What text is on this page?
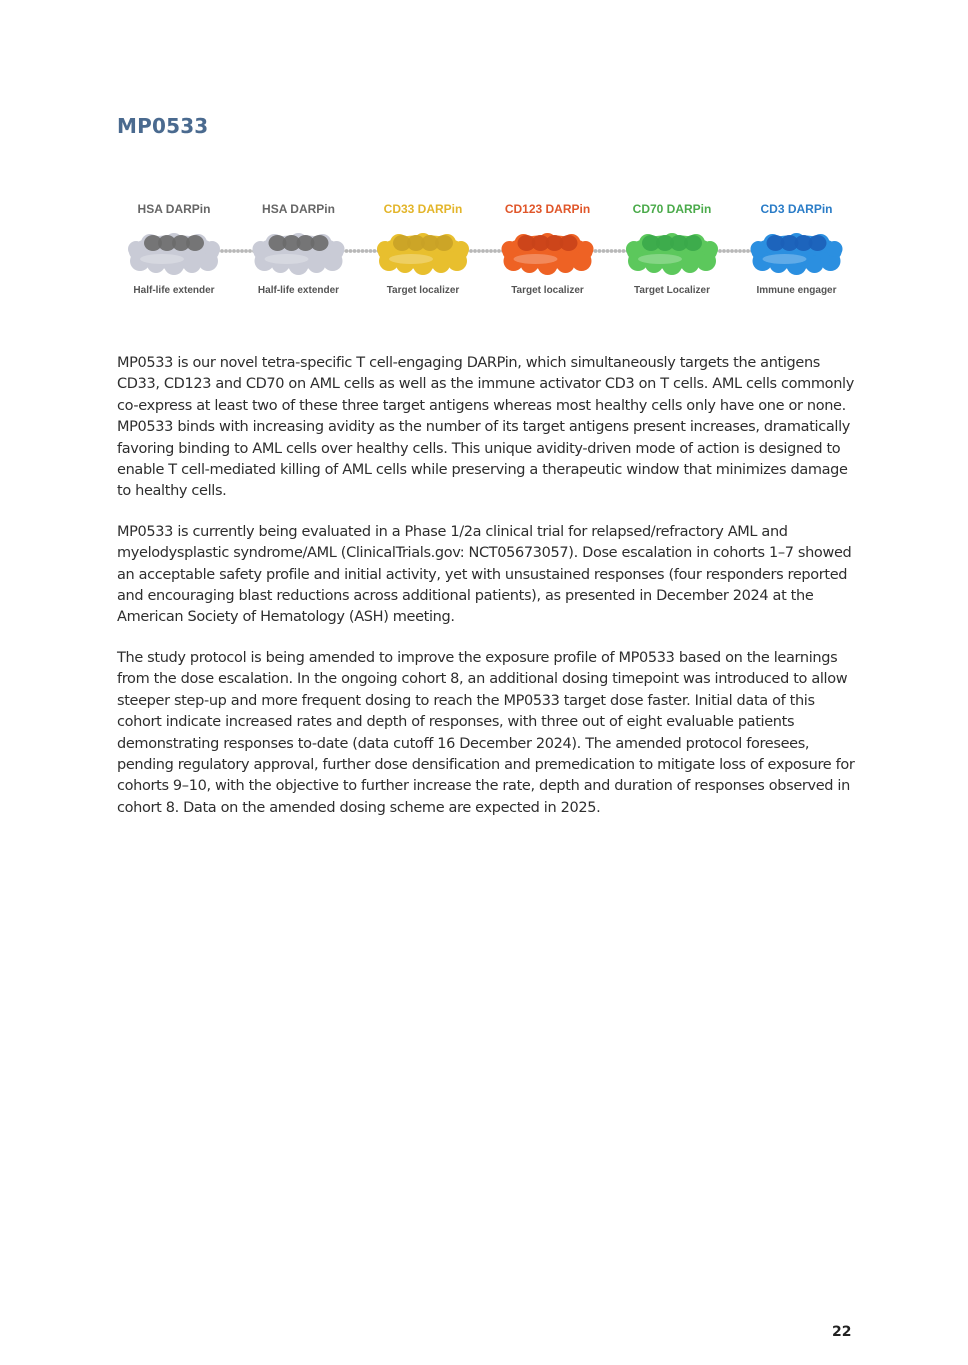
MP0533
HSA DARPin
Half-life extender
HSA DARPin
Half-life extender
CD33 DARPin
Target localizer
CD123 DARPin
Target localizer
CD70 DARPin
Target Localizer
CD3 DARPin
Immune engager

MP0533 is our novel tetra-specific T cell-engaging DARPin, which simultaneously targets the antigens CD33, CD123 and CD70 on AML cells as well as the immune activator CD3 on T cells. AML cells commonly co-express at least two of these three target antigens whereas most healthy cells only have one or none. MP0533 binds with increasing avidity as the number of its target antigens present increases, dramatically favoring binding to AML cells over healthy cells. This unique avidity-driven mode of action is designed to enable T cell-mediated killing of AML cells while preserving a therapeutic window that minimizes damage to healthy cells.

MP0533 is currently being evaluated in a Phase 1/2a clinical trial for relapsed/refractory AML and myelodysplastic syndrome/AML (ClinicalTrials.gov: NCT05673057). Dose escalation in cohorts 1–7 showed an acceptable safety profile and initial activity, yet with unsustained responses (four responders reported and encouraging blast reductions across additional patients), as presented in December 2024 at the American Society of Hematology (ASH) meeting.

The study protocol is being amended to improve the exposure profile of MP0533 based on the learnings from the dose escalation. In the ongoing cohort 8, an additional dosing timepoint was introduced to allow steeper step-up and more frequent dosing to reach the MP0533 target dose faster. Initial data of this cohort indicate increased rates and depth of responses, with three out of eight evaluable patients demonstrating responses to-date (data cutoff 16 December 2024). The amended protocol foresees, pending regulatory approval, further dose densification and premedication to mitigate loss of exposure for cohorts 9–10, with the objective to further increase the rate, depth and duration of responses observed in cohort 8. Data on the amended dosing scheme are expected in 2025.

22
